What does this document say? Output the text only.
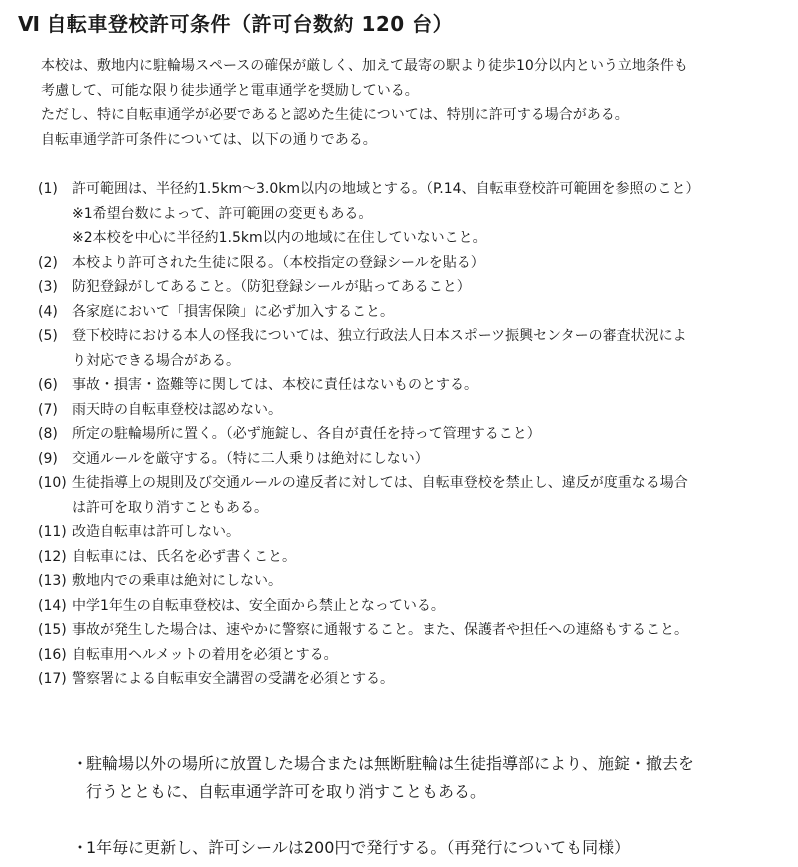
Ⅵ 自転車登校許可条件（許可台数約 120 台）

本校は、敷地内に駐輪場スペースの確保が厳しく、加えて最寄の駅より徒歩10分以内という立地条件も

考慮して、可能な限り徒歩通学と電車通学を奨励している。

ただし、特に自転車通学が必要であると認めた生徒については、特別に許可する場合がある。

自転車通学許可条件については、以下の通りである。

(1)	許可範囲は、半径約1.5km〜3.0km以内の地域とする。（P.14、自転車登校許可範囲を参照のこと）
※1希望台数によって、許可範囲の変更もある。
※2本校を中心に半径約1.5km以内の地域に在住していないこと。
(2)	本校より許可された生徒に限る。（本校指定の登録シールを貼る）
(3)	防犯登録がしてあること。（防犯登録シールが貼ってあること）
(4)	各家庭において「損害保険」に必ず加入すること。
(5)	登下校時における本人の怪我については、独立行政法人日本スポーツ振興センターの審査状況によ
り対応できる場合がある。
(6)	事故・損害・盗難等に関しては、本校に責任はないものとする。
(7)	雨天時の自転車登校は認めない。
(8)	所定の駐輪場所に置く。（必ず施錠し、各自が責任を持って管理すること）
(9)	交通ルールを厳守する。（特に二人乗りは絶対にしない）
(10) 生徒指導上の規則及び交通ルールの違反者に対しては、自転車登校を禁止し、違反が度重なる場合
は許可を取り消すこともある。
(11) 改造自転車は許可しない。
(12) 自転車には、氏名を必ず書くこと。
(13) 敷地内での乗車は絶対にしない。
(14) 中学1年生の自転車登校は、安全面から禁止となっている。
(15) 事故が発生した場合は、速やかに警察に通報すること。また、保護者や担任への連絡もすること。
(16) 自転車用ヘルメットの着用を必須とする。
(17) 警察署による自転車安全講習の受講を必須とする。
・
駐輪場以外の場所に放置した場合または無断駐輪は生徒指導部により、施錠・撤去を
行うとともに、自転車通学許可を取り消すこともある。
・
1年毎に更新し、許可シールは200円で発行する。（再発行についても同様）
